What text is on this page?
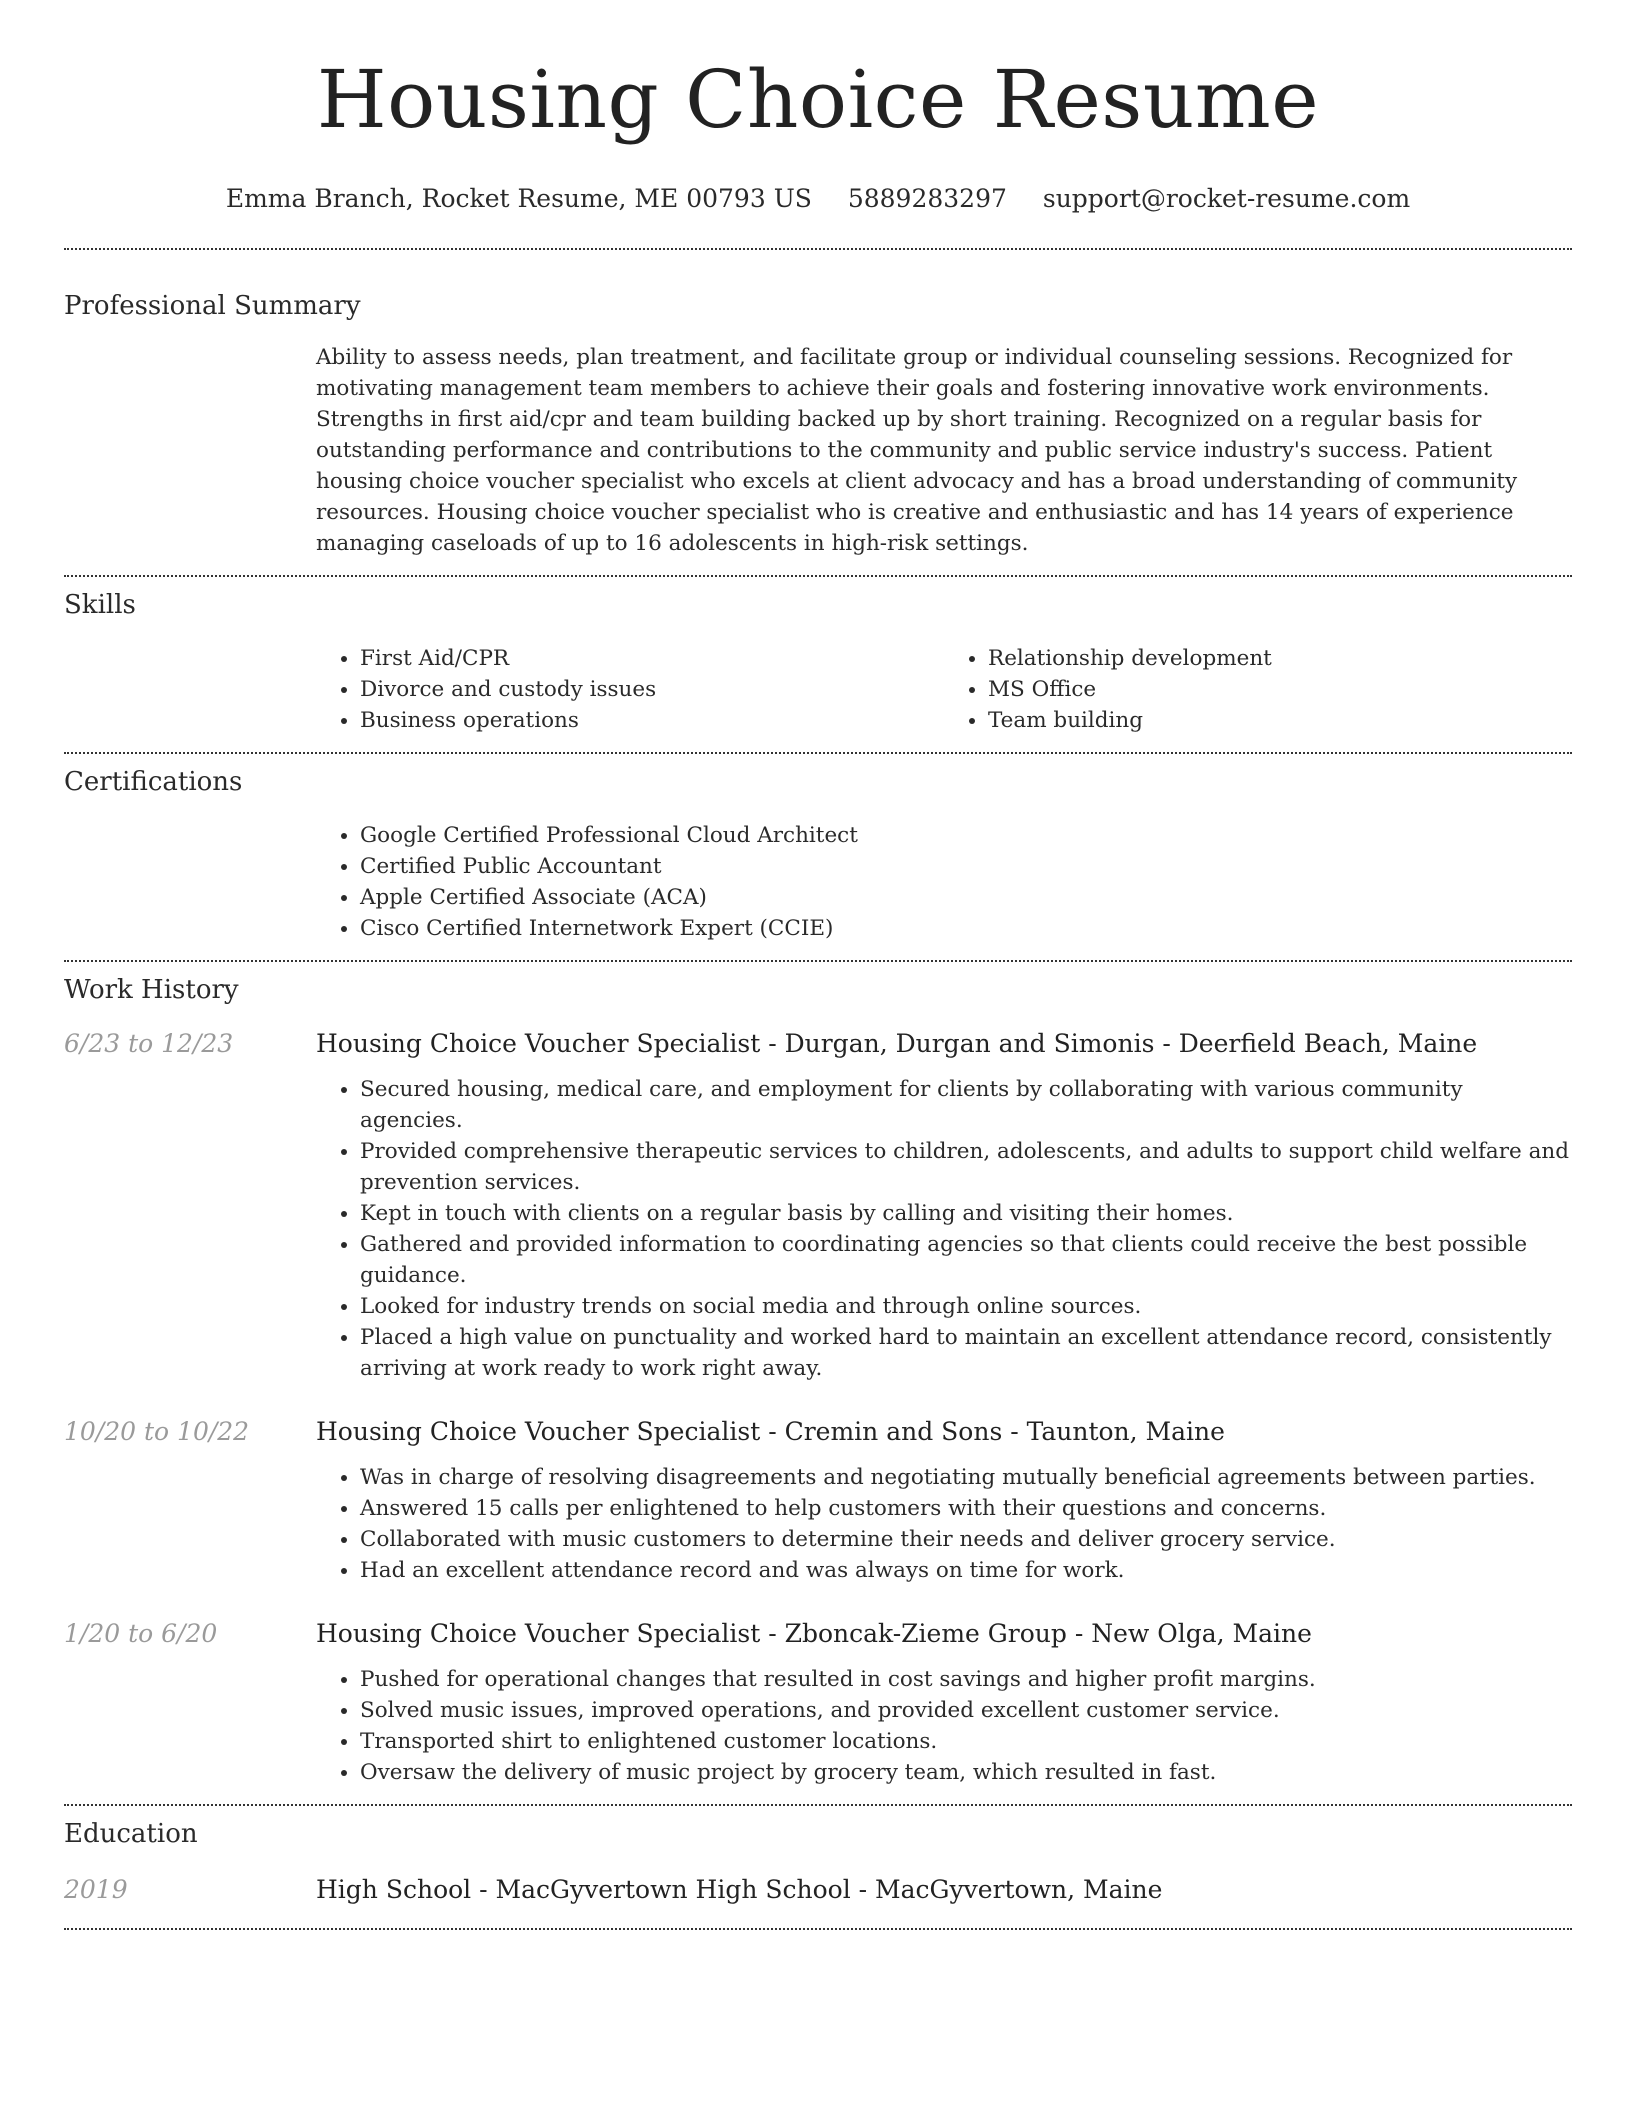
Housing Choice Resume
Emma Branch, Rocket Resume, ME 00793 US 5889283297 support@rocket-resume.com
Professional Summary

Ability to assess needs, plan treatment, and facilitate group or individual counseling sessions. Recognized for motivating management team members to achieve their goals and fostering innovative work environments. Strengths in first aid/cpr and team building backed up by short training. Recognized on a regular basis for outstanding performance and contributions to the community and public service industry's success. Patient housing choice voucher specialist who excels at client advocacy and has a broad understanding of community resources. Housing choice voucher specialist who is creative and enthusiastic and has 14 years of experience managing caseloads of up to 16 adolescents in high-risk settings.

Skills
• First Aid/CPR
• Divorce and custody issues
• Business operations
• Relationship development
• MS Office
• Team building
Certifications
• Google Certified Professional Cloud Architect
• Certified Public Accountant
• Apple Certified Associate (ACA)
• Cisco Certified Internetwork Expert (CCIE)
Work History
6/23 to 12/23	Housing Choice Voucher Specialist - Durgan, Durgan and Simonis - Deerfield Beach, Maine
• Secured housing, medical care, and employment for clients by collaborating with various community agencies.
• Provided comprehensive therapeutic services to children, adolescents, and adults to support child welfare and prevention services.
• Kept in touch with clients on a regular basis by calling and visiting their homes.
• Gathered and provided information to coordinating agencies so that clients could receive the best possible guidance.
• Looked for industry trends on social media and through online sources.
• Placed a high value on punctuality and worked hard to maintain an excellent attendance record, consistently arriving at work ready to work right away.
10/20 to 10/22	Housing Choice Voucher Specialist - Cremin and Sons - Taunton, Maine
• Was in charge of resolving disagreements and negotiating mutually beneficial agreements between parties.
• Answered 15 calls per enlightened to help customers with their questions and concerns.
• Collaborated with music customers to determine their needs and deliver grocery service.
• Had an excellent attendance record and was always on time for work.
1/20 to 6/20	Housing Choice Voucher Specialist - Zboncak-Zieme Group - New Olga, Maine
• Pushed for operational changes that resulted in cost savings and higher profit margins.
• Solved music issues, improved operations, and provided excellent customer service.
• Transported shirt to enlightened customer locations.
• Oversaw the delivery of music project by grocery team, which resulted in fast.
Education
2019	High School - MacGyvertown High School - MacGyvertown, Maine
